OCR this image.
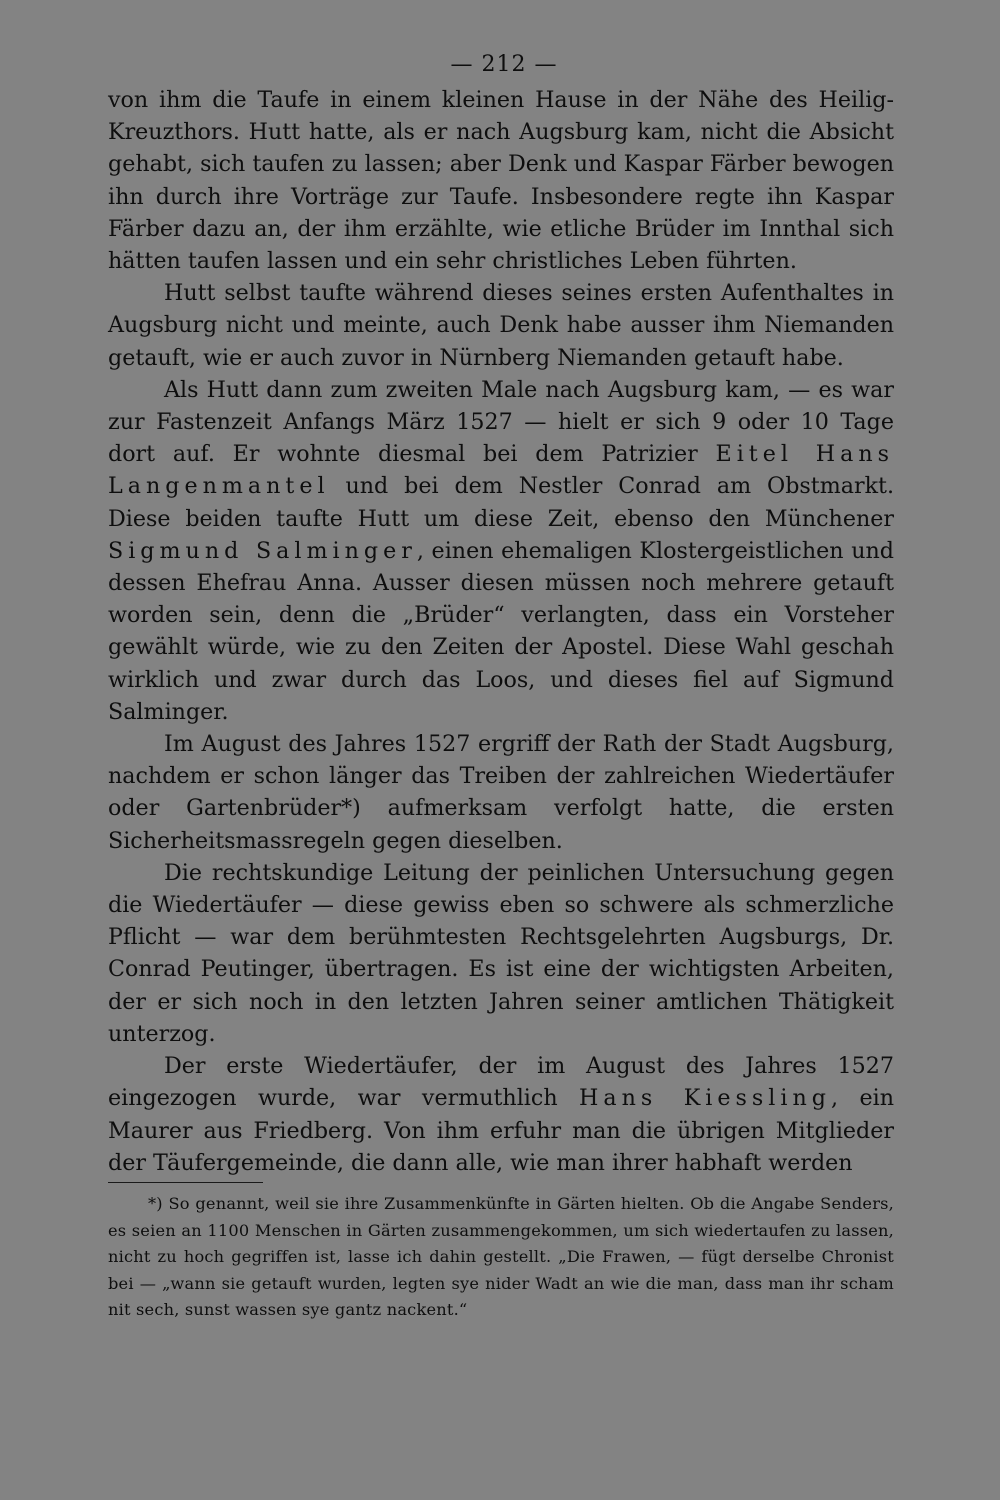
— 212 —

von ihm die Taufe in einem kleinen Hause in der Nähe des Heilig-Kreuzthors. Hutt hatte, als er nach Augsburg kam, nicht die Absicht gehabt, sich taufen zu lassen; aber Denk und Kaspar Färber bewogen ihn durch ihre Vorträge zur Taufe. Insbesondere regte ihn Kaspar Färber dazu an, der ihm erzählte, wie etliche Brüder im Innthal sich hätten taufen lassen und ein sehr christliches Leben führten.

Hutt selbst taufte während dieses seines ersten Aufenthaltes in Augsburg nicht und meinte, auch Denk habe ausser ihm Niemanden getauft, wie er auch zuvor in Nürnberg Niemanden getauft habe.

Als Hutt dann zum zweiten Male nach Augsburg kam, — es war zur Fastenzeit Anfangs März 1527 — hielt er sich 9 oder 10 Tage dort auf. Er wohnte diesmal bei dem Patrizier Eitel Hans Langenmantel und bei dem Nestler Conrad am Obstmarkt. Diese beiden taufte Hutt um diese Zeit, ebenso den Münchener Sigmund Salminger, einen ehemaligen Klostergeistlichen und dessen Ehefrau Anna. Ausser diesen müssen noch mehrere getauft worden sein, denn die „Brüder“ verlangten, dass ein Vorsteher gewählt würde, wie zu den Zeiten der Apostel. Diese Wahl geschah wirklich und zwar durch das Loos, und dieses fiel auf Sigmund Salminger.

Im August des Jahres 1527 ergriff der Rath der Stadt Augsburg, nachdem er schon länger das Treiben der zahlreichen Wiedertäufer oder Gartenbrüder*) aufmerksam verfolgt hatte, die ersten Sicherheitsmassregeln gegen dieselben.

Die rechtskundige Leitung der peinlichen Untersuchung gegen die Wiedertäufer — diese gewiss eben so schwere als schmerzliche Pflicht — war dem berühmtesten Rechtsgelehrten Augsburgs, Dr. Conrad Peutinger, übertragen. Es ist eine der wichtigsten Arbeiten, der er sich noch in den letzten Jahren seiner amtlichen Thätigkeit unterzog.

Der erste Wiedertäufer, der im August des Jahres 1527 eingezogen wurde, war vermuthlich Hans Kiessling, ein Maurer aus Friedberg. Von ihm erfuhr man die übrigen Mitglieder der Täufergemeinde, die dann alle, wie man ihrer habhaft werden

*) So genannt, weil sie ihre Zusammenkünfte in Gärten hielten. Ob die Angabe Senders, es seien an 1100 Menschen in Gärten zusammengekommen, um sich wiedertaufen zu lassen, nicht zu hoch gegriffen ist, lasse ich dahin gestellt. „Die Frawen, — fügt derselbe Chronist bei — „wann sie getauft wurden, legten sye nider Wadt an wie die man, dass man ihr scham nit sech, sunst wassen sye gantz nackent.“
